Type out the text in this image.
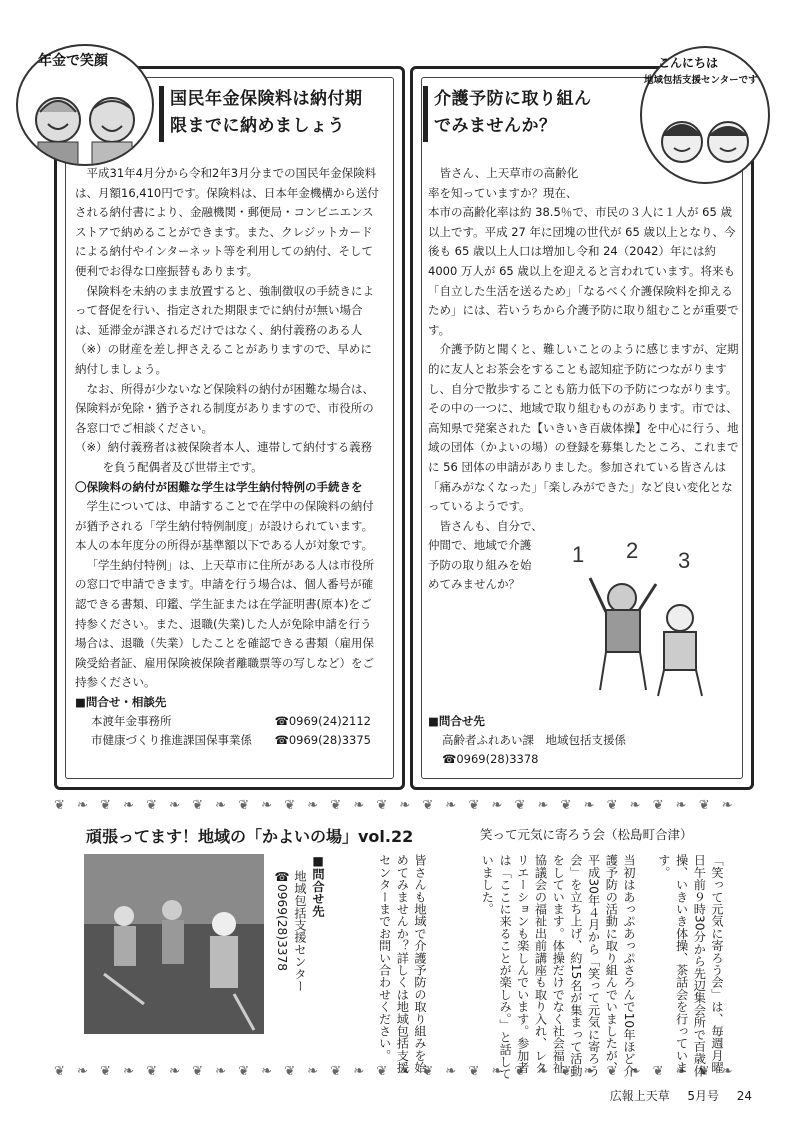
年金で笑顔
国民年金保険料は納付期
限までに納めましょう

平成31年4月分から令和2年3月分までの国民年金保険料は、月額16,410円です。保険料は、日本年金機構から送付される納付書により、金融機関・郵便局・コンビニエンスストアで納めることができます。また、クレジットカードによる納付やインターネット等を利用しての納付、そして便利でお得な口座振替もあります。

保険料を未納のまま放置すると、強制徴収の手続きによって督促を行い、指定された期限までに納付が無い場合は、延滞金が課されるだけではなく、納付義務のある人（※）の財産を差し押さえることがありますので、早めに納付しましょう。

なお、所得が少ないなど保険料の納付が困難な場合は、保険料が免除・猶予される制度がありますので、市役所の各窓口でご相談ください。

（※）納付義務者は被保険者本人、連帯して納付する義務を負う配偶者及び世帯主です。

〇保険料の納付が困難な学生は学生納付特例の手続きを

学生については、申請することで在学中の保険料の納付が猶予される「学生納付特例制度」が設けられています。本人の本年度分の所得が基準額以下である人が対象です。

「学生納付特例」は、上天草市に住所がある人は市役所の窓口で申請できます。申請を行う場合は、個人番号が確認できる書類、印鑑、学生証または在学証明書(原本)をご持参ください。また、退職(失業)した人が免除申請を行う場合は、退職（失業）したことを確認できる書類（雇用保険受給者証、雇用保険被保険者離職票等の写しなど）をご持参ください。

■問合せ・相談先
本渡年金事務所	☎0969(24)2112
市健康づくり推進課国保事業係 ☎0969(28)3375
こんにちは
地域包括支援センターです
介護予防に取り組ん
でみませんか？

皆さん、上天草市の高齢化

率を知っていますか？現在、

本市の高齢化率は約 38.5％で、市民の３人に１人が 65 歳以上です。平成 27 年に団塊の世代が 65 歳以上となり、今後も 65 歳以上人口は増加し令和 24（2042）年には約 4000 万人が 65 歳以上を迎えると言われています。将来も「自立した生活を送るため」「なるべく介護保険料を抑えるため」には、若いうちから介護予防に取り組むことが重要です。

介護予防と聞くと、難しいことのように感じますが、定期的に友人とお茶会をすることも認知症予防につながりますし、自分で散歩することも筋力低下の予防につながります。その中の一つに、地域で取り組むものがあります。市では、高知県で発案された【いきいき百歳体操】を中心に行う、地域の団体（かよいの場）の登録を募集したところ、これまでに 56 団体の申請がありました。参加されている皆さんは「痛みがなくなった」「楽しみができた」など良い変化となっているようです。

皆さんも、自分で、

仲間で、地域で介護

予防の取り組みを始

めてみませんか？

1 2 3
■問合せ先
高齢者ふれあい課　地域包括支援係
☎0969(28)3378
❦ ❧ ❦ ❧ ❦ ❧ ❦ ❧ ❦ ❧ ❦ ❧ ❦ ❧ ❦ ❧ ❦ ❧ ❦ ❧ ❦ ❧ ❦ ❧ ❦ ❧ ❦ ❧ ❦ ❧
❦ ❧ ❦ ❧ ❦ ❧ ❦ ❧ ❦ ❧ ❦ ❧ ❦ ❧ ❦ ❧ ❦ ❧ ❦ ❧ ❦ ❧ ❦ ❧ ❦ ❧ ❦ ❧ ❦ ❧
頑張ってます！地域の「かよいの場」vol.22	笑って元気に寄ろう会（松島町合津）
「笑って元気に寄ろう会」は、毎週月曜日午前９時30分から先辺集会所で百歳体操、いきいき体操、茶話会を行っています。
当初はあっぷあっぷさろんで10年ほど介護予防の活動に取り組んでいましたが、平成30年４月から「笑って元気に寄ろう会」を立ち上げ、約15名が集まって活動をしています。体操だけでなく社会福祉協議会の福祉出前講座も取り入れ、レクリエーションも楽しんでいます。参加者は「ここに来ることが楽しみ。」と話していました。
皆さんも地域で介護予防の取り組みを始めてみませんか？詳しくは地域包括支援センターまでお問い合わせください。
■問合せ先
地域包括支援センター
☎0969(28)3378
広報上天草 5月号 24
